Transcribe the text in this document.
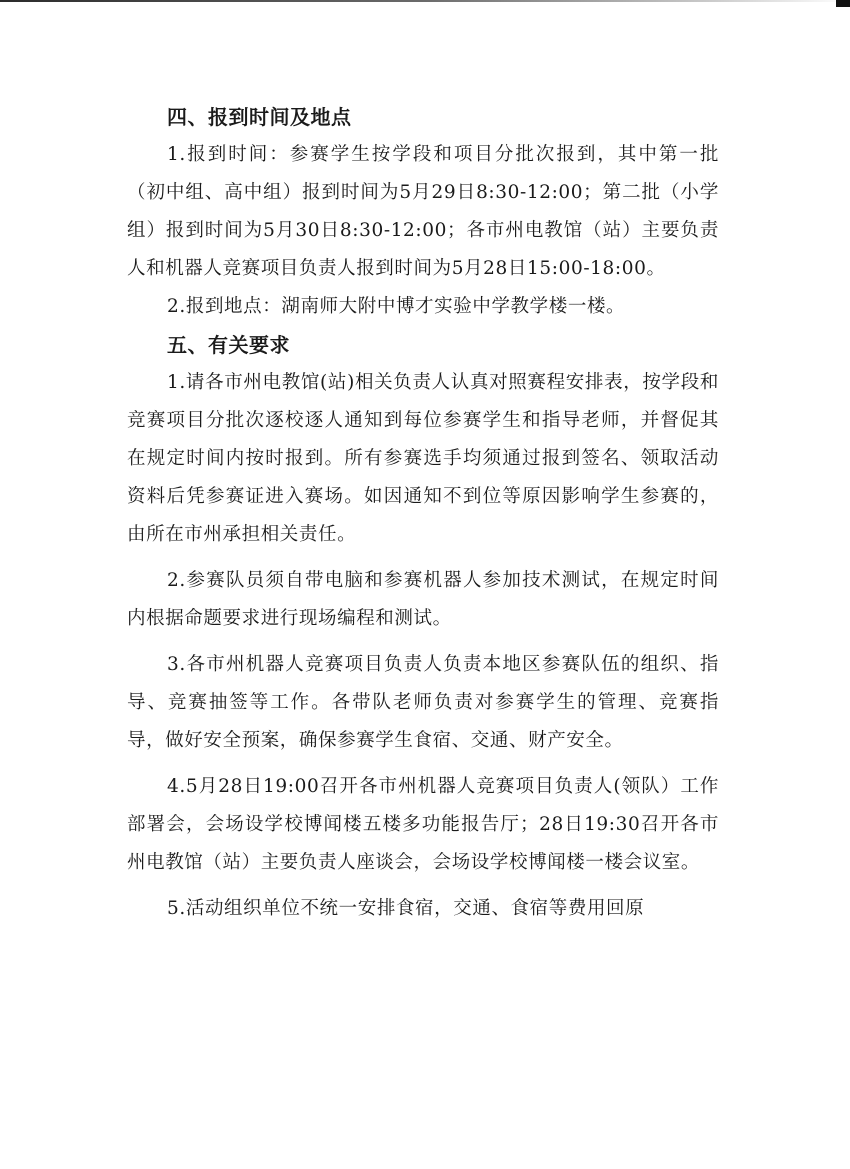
四、报到时间及地点

1.报到时间：参赛学生按学段和项目分批次报到，其中第一批（初中组、高中组）报到时间为5月29日8:30-12:00；第二批（小学组）报到时间为5月30日8:30-12:00；各市州电教馆（站）主要负责人和机器人竞赛项目负责人报到时间为5月28日15:00-18:00。

2.报到地点：湖南师大附中博才实验中学教学楼一楼。

五、有关要求

1.请各市州电教馆(站)相关负责人认真对照赛程安排表，按学段和竞赛项目分批次逐校逐人通知到每位参赛学生和指导老师，并督促其在规定时间内按时报到。所有参赛选手均须通过报到签名、领取活动资料后凭参赛证进入赛场。如因通知不到位等原因影响学生参赛的，由所在市州承担相关责任。

2.参赛队员须自带电脑和参赛机器人参加技术测试，在规定时间内根据命题要求进行现场编程和测试。

3.各市州机器人竞赛项目负责人负责本地区参赛队伍的组织、指导、竞赛抽签等工作。各带队老师负责对参赛学生的管理、竞赛指导，做好安全预案，确保参赛学生食宿、交通、财产安全。

4.5月28日19:00召开各市州机器人竞赛项目负责人(领队）工作部署会，会场设学校博闻楼五楼多功能报告厅；28日19:30召开各市州电教馆（站）主要负责人座谈会，会场设学校博闻楼一楼会议室。

5.活动组织单位不统一安排食宿，交通、食宿等费用回原
